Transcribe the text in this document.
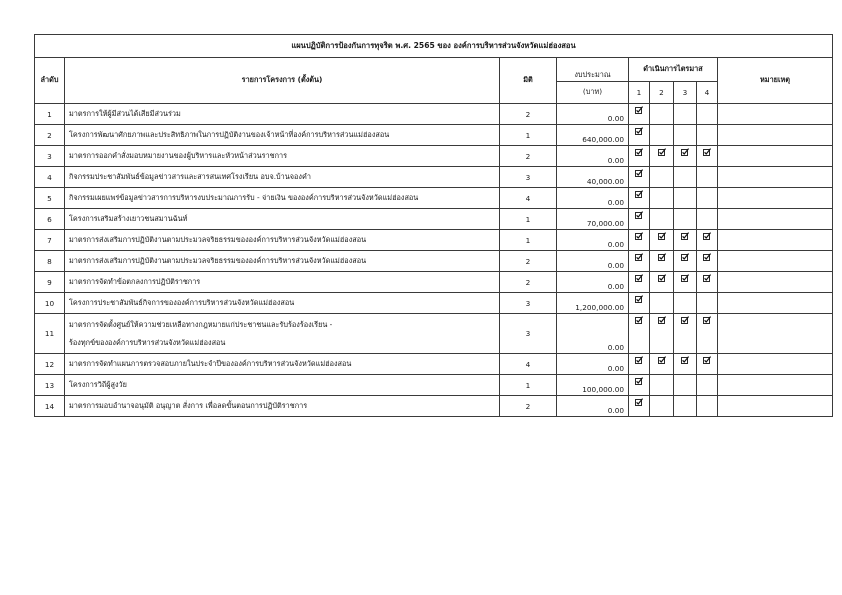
แผนปฏิบัติการป้องกันการทุจริต พ.ศ. 2565 ของ องค์การบริหารส่วนจังหวัดแม่ฮ่องสอน								
ลำดับ	รายการโครงการ (ตั้งต้น)	มิติ	งบประมาณ	ดำเนินการไตรมาส				หมายเหตุ
			(บาท)	1	2	3	4	
1	มาตรการให้ผู้มีส่วนได้เสียมีส่วนร่วม	2	0.00	

2	โครงการพัฒนาศักยภาพและประสิทธิภาพในการปฏิบัติงานของเจ้าหน้าที่องค์การบริหารส่วนแม่ฮ่องสอน	1	640,000.00	

3	มาตรการออกคำสั่งมอบหมายงานของผู้บริหารและหัวหน้าส่วนราชการ	2	0.00	

4	กิจกรรมประชาสัมพันธ์ข้อมูลข่าวสารและสารสนเทศโรงเรียน อบจ.บ้านจองคำ	3	40,000.00	

5	กิจกรรมเผยแพร่ข้อมูลข่าวสารการบริหารงบประมาณการรับ - จ่ายเงิน ขององค์การบริหารส่วนจังหวัดแม่ฮ่องสอน	4	0.00	

6	โครงการเสริมสร้างเยาวชนสมานฉันท์	1	70,000.00	

7	มาตรการส่งเสริมการปฏิบัติงานตามประมวลจริยธรรมขององค์การบริหารส่วนจังหวัดแม่ฮ่องสอน	1	0.00	

8	มาตรการส่งเสริมการปฏิบัติงานตามประมวลจริยธรรมขององค์การบริหารส่วนจังหวัดแม่ฮ่องสอน	2	0.00	

9	มาตรการจัดทำข้อตกลงการปฏิบัติราชการ	2	0.00	

10	โครงการประชาสัมพันธ์กิจการขององค์การบริหารส่วนจังหวัดแม่ฮ่องสอน	3	1,200,000.00	

11	มาตรการจัดตั้งศูนย์ให้ความช่วยเหลือทางกฎหมายแก่ประชาชนและรับร้องร้องเรียน -
ร้องทุกข์ขององค์การบริหารส่วนจังหวัดแม่ฮ่องสอน	3	0.00	

12	มาตรการจัดทำแผนการตรวจสอบภายในประจำปีขององค์การบริหารส่วนจังหวัดแม่ฮ่องสอน	4	0.00	

13	โครงการวิถีผู้สูงวัย	1	100,000.00	

14	มาตรการมอบอำนาจอนุมัติ อนุญาต สั่งการ เพื่อลดขั้นตอนการปฏิบัติราชการ	2	0.00	
